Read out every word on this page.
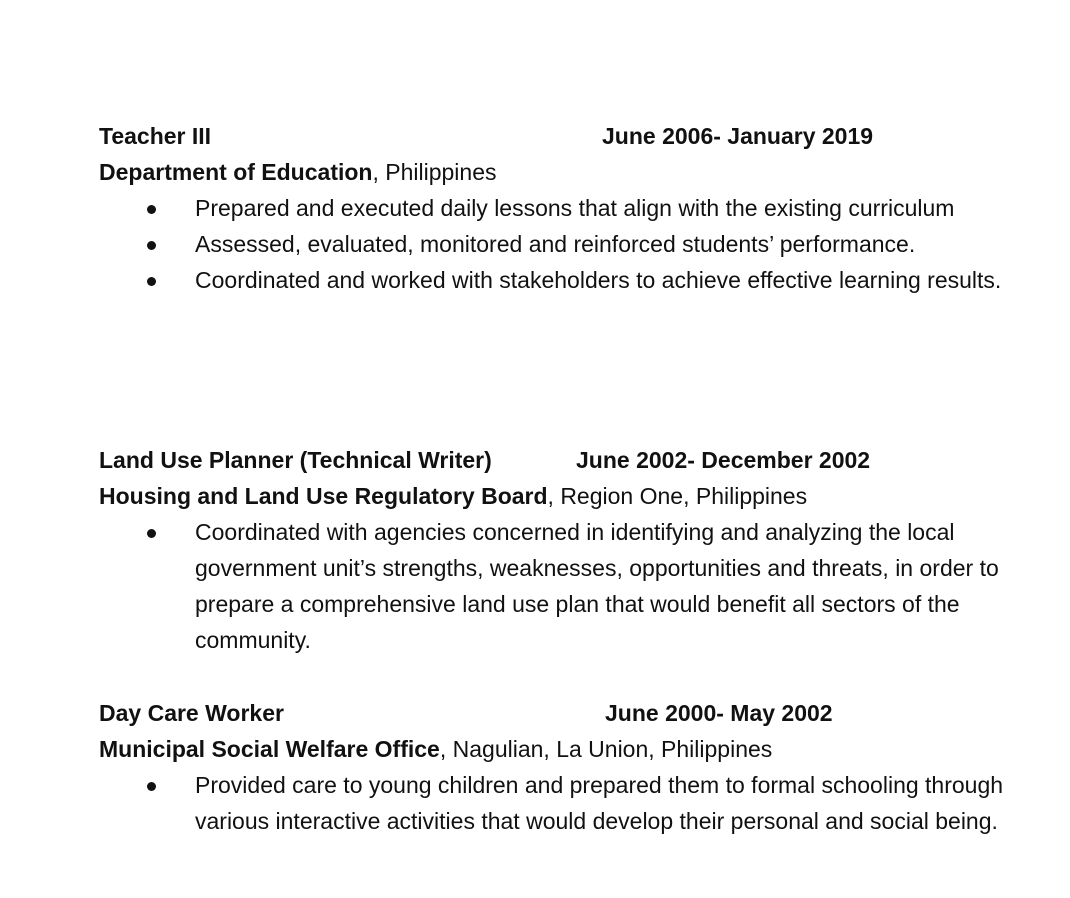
Teacher III	June 2006- January 2019
Department of Education, Philippines
Prepared and executed daily lessons that align with the existing curriculum
Assessed, evaluated, monitored and reinforced students’ performance.
Coordinated and worked with stakeholders to achieve effective learning results.
Land Use Planner (Technical Writer)	June 2002- December 2002
Housing and Land Use Regulatory Board, Region One, Philippines
Coordinated with agencies concerned in identifying and analyzing the local government unit’s strengths, weaknesses, opportunities and threats, in order to prepare a comprehensive land use plan that would benefit all sectors of the community.
Day Care Worker	June 2000- May 2002
Municipal Social Welfare Office, Nagulian, La Union, Philippines
Provided care to young children and prepared them to formal schooling through various interactive activities that would develop their personal and social being.
